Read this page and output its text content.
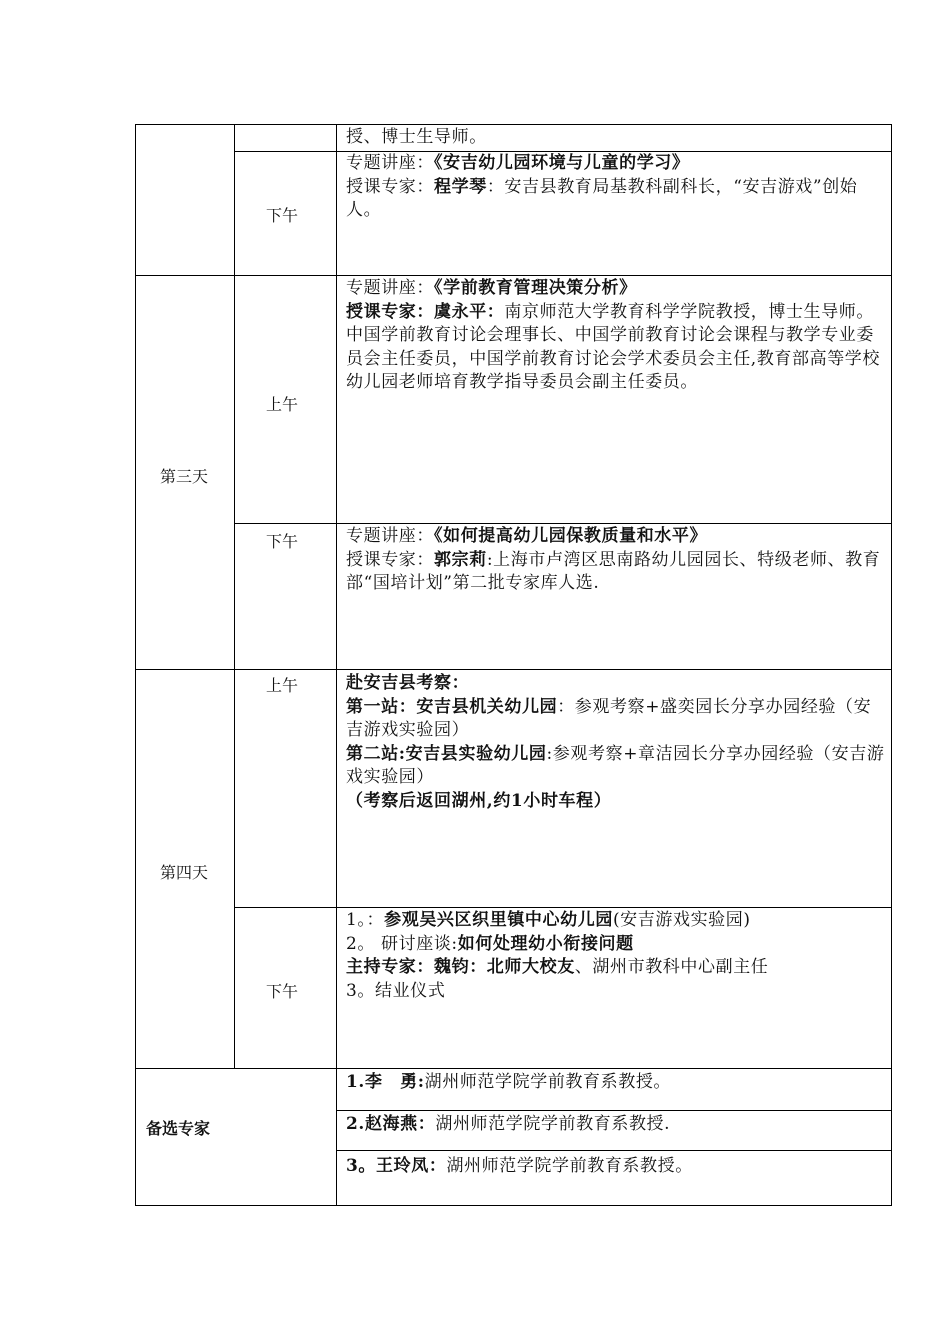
授、博士生导师。
下午

专题讲座：《安吉幼儿园环境与儿童的学习》

授课专家：程学琴：安吉县教育局基教科副科长，“安吉游戏”创始人。

第三天
上午

专题讲座：《学前教育管理决策分析》

授课专家：虞永平：南京师范大学教育科学学院教授，博士生导师。中国学前教育讨论会理事长、中国学前教育讨论会课程与教学专业委员会主任委员，中国学前教育讨论会学术委员会主任,教育部高等学校幼儿园老师培育教学指导委员会副主任委员。

下午	专题讲座：《如何提高幼儿园保教质量和水平》

授课专家：郭宗莉:上海市卢湾区思南路幼儿园园长、特级老师、教育部“国培计划”第二批专家库人选.

第四天
上午	赴安吉县考察：

第一站：安吉县机关幼儿园：参观考察+盛奕园长分享办园经验（安吉游戏实验园）

第二站:安吉县实验幼儿园:参观考察+章洁园长分享办园经验（安吉游戏实验园）

（考察后返回湖州,约1小时车程）

下午

1。：参观吴兴区织里镇中心幼儿园(安吉游戏实验园)

2。 研讨座谈:如何处理幼小衔接问题

主持专家：魏钧：北师大校友、湖州市教科中心副主任

3。结业仪式

备选专家
1.李　勇:湖州师范学院学前教育系教授。
2.赵海燕：湖州师范学院学前教育系教授.
3。王玲凤：湖州师范学院学前教育系教授。
